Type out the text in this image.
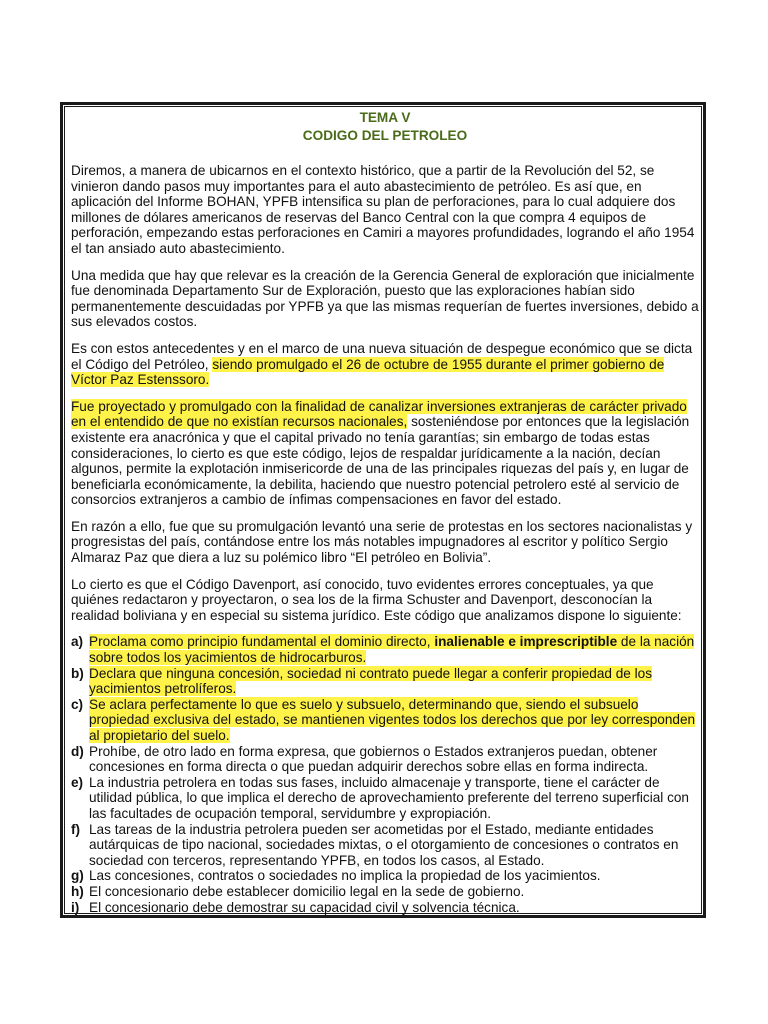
TEMA V
CODIGO DEL PETROLEO

Diremos, a manera de ubicarnos en el contexto histórico, que a partir de la Revolución del 52, se vinieron dando pasos muy importantes para el auto abastecimiento de petróleo. Es así que, en aplicación del Informe BOHAN, YPFB intensifica su plan de perforaciones, para lo cual adquiere dos millones de dólares americanos de reservas del Banco Central con la que compra 4 equipos de perforación, empezando estas perforaciones en Camiri a mayores profundidades, logrando el año 1954 el tan ansiado auto abastecimiento.

Una medida que hay que relevar es la creación de la Gerencia General de exploración que inicialmente fue denominada Departamento Sur de Exploración, puesto que las exploraciones habían sido permanentemente descuidadas por YPFB ya que las mismas requerían de fuertes inversiones, debido a sus elevados costos.

Es con estos antecedentes y en el marco de una nueva situación de despegue económico que se dicta el Código del Petróleo, siendo promulgado el 26 de octubre de 1955 durante el primer gobierno de Víctor Paz Estenssoro.

Fue proyectado y promulgado con la finalidad de canalizar inversiones extranjeras de carácter privado en el entendido de que no existían recursos nacionales, sosteniéndose por entonces que la legislación existente era anacrónica y que el capital privado no tenía garantías; sin embargo de todas estas consideraciones, lo cierto es que este código, lejos de respaldar jurídicamente a la nación, decían algunos, permite la explotación inmisericorde de una de las principales riquezas del país y, en lugar de beneficiarla económicamente, la debilita, haciendo que nuestro potencial petrolero esté al servicio de consorcios extranjeros a cambio de ínfimas compensaciones en favor del estado.

En razón a ello, fue que su promulgación levantó una serie de protestas en los sectores nacionalistas y progresistas del país, contándose entre los más notables impugnadores al escritor y político Sergio Almaraz Paz que diera a luz su polémico libro “El petróleo en Bolivia”.

Lo cierto es que el Código Davenport, así conocido, tuvo evidentes errores conceptuales, ya que quiénes redactaron y proyectaron, o sea los de la firma Schuster and Davenport, desconocían la realidad boliviana y en especial su sistema jurídico. Este código que analizamos dispone lo siguiente:

a) Proclama como principio fundamental el dominio directo, inalienable e imprescriptible de la nación sobre todos los yacimientos de hidrocarburos.
b) Declara que ninguna concesión, sociedad ni contrato puede llegar a conferir propiedad de los yacimientos petrolíferos.
c) Se aclara perfectamente lo que es suelo y subsuelo, determinando que, siendo el subsuelo propiedad exclusiva del estado, se mantienen vigentes todos los derechos que por ley corresponden al propietario del suelo.
d) Prohíbe, de otro lado en forma expresa, que gobiernos o Estados extranjeros puedan, obtener concesiones en forma directa o que puedan adquirir derechos sobre ellas en forma indirecta.
e) La industria petrolera en todas sus fases, incluido almacenaje y transporte, tiene el carácter de utilidad pública, lo que implica el derecho de aprovechamiento preferente del terreno superficial con las facultades de ocupación temporal, servidumbre y expropiación.
f) Las tareas de la industria petrolera pueden ser acometidas por el Estado, mediante entidades autárquicas de tipo nacional, sociedades mixtas, o el otorgamiento de concesiones o contratos en sociedad con terceros, representando YPFB, en todos los casos, al Estado.
g) Las concesiones, contratos o sociedades no implica la propiedad de los yacimientos.
h) El concesionario debe establecer domicilio legal en la sede de gobierno.
i) El concesionario debe demostrar su capacidad civil y solvencia técnica.
